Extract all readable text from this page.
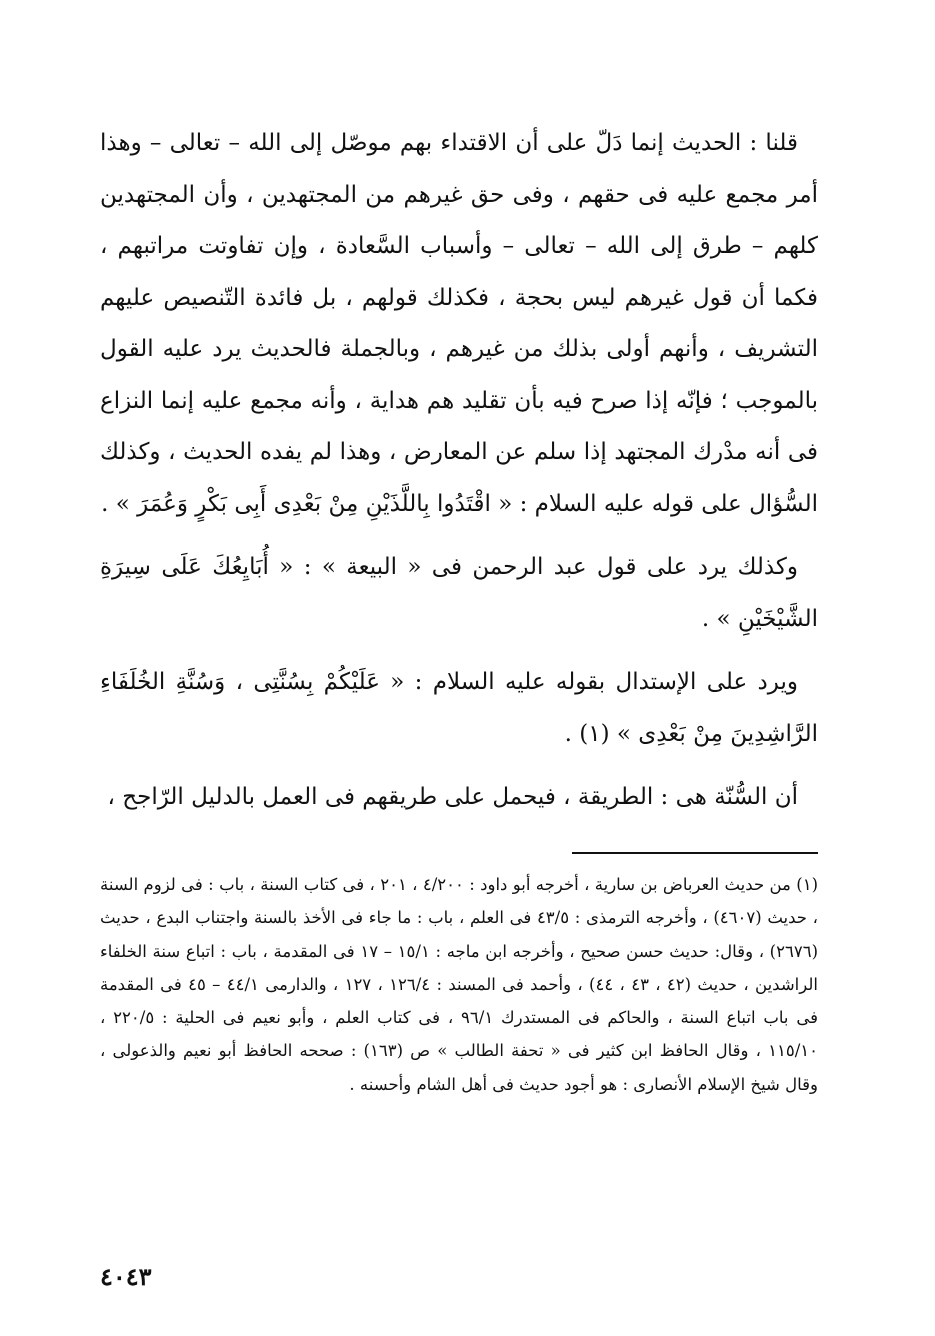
قلنا : الحديث إنما دَلّ على أن الاقتداء بهم موصّل إلى الله – تعالى – وهذا أمر مجمع عليه فى حقهم ، وفى حق غيرهم من المجتهدين ، وأن المجتهدين كلهم – طرق إلى الله – تعالى – وأسباب السَّعادة ، وإن تفاوتت مراتبهم ، فكما أن قول غيرهم ليس بحجة ، فكذلك قولهم ، بل فائدة التّنصيص عليهم التشريف ، وأنهم أولى بذلك من غيرهم ، وبالجملة فالحديث يرد عليه القول بالموجب ؛ فإنّه إذا صرح فيه بأن تقليد هم هداية ، وأنه مجمع عليه إنما النزاع فى أنه مدْرك المجتهد إذا سلم عن المعارض ، وهذا لم يفده الحديث ، وكذلك السُّؤال على قوله عليه السلام : « اقْتَدُوا بِاللَّذَيْنِ مِنْ بَعْدِى أَبِى بَكْرٍ وَعُمَرَ » .

وكذلك يرد على قول عبد الرحمن فى « البيعة » : « أُبَايِعُكَ عَلَى سِيرَةِ الشَّيْخَيْنِ » .

ويرد على الإستدال بقوله عليه السلام : « عَلَيْكُمْ بِسُنَّتِى ، وَسُنَّةِ الخُلَفَاءِ الرَّاشِدِينَ مِنْ بَعْدِى » (١) .

أن السُّنّة هى : الطريقة ، فيحمل على طريقهم فى العمل بالدليل الرّاجح ،

(١) من حديث العرباض بن سارية ، أخرجه أبو داود : ٤/٢٠٠ ، ٢٠١ ، فى كتاب السنة ، باب : فى لزوم السنة ، حديث (٤٦٠٧) ، وأخرجه الترمذى : ٤٣/٥ فى العلم ، باب : ما جاء فى الأخذ بالسنة واجتناب البدع ، حديث (٢٦٧٦) ، وقال: حديث حسن صحيح ، وأخرجه ابن ماجه : ١٥/١ – ١٧ فى المقدمة ، باب : اتباع سنة الخلفاء الراشدين ، حديث (٤٢ ، ٤٣ ، ٤٤) ، وأحمد فى المسند : ١٢٦/٤ ، ١٢٧ ، والدارمى ٤٤/١ – ٤٥ فى المقدمة فى باب اتباع السنة ، والحاكم فى المستدرك ٩٦/١ ، فى كتاب العلم ، وأبو نعيم فى الحلية : ٢٢٠/٥ ، ١١٥/١٠ ، وقال الحافظ ابن كثير فى « تحفة الطالب » ص (١٦٣) : صححه الحافظ أبو نعيم والذعولى ، وقال شيخ الإسلام الأنصارى : هو أجود حديث فى أهل الشام وأحسنه .

٤٠٤٣
